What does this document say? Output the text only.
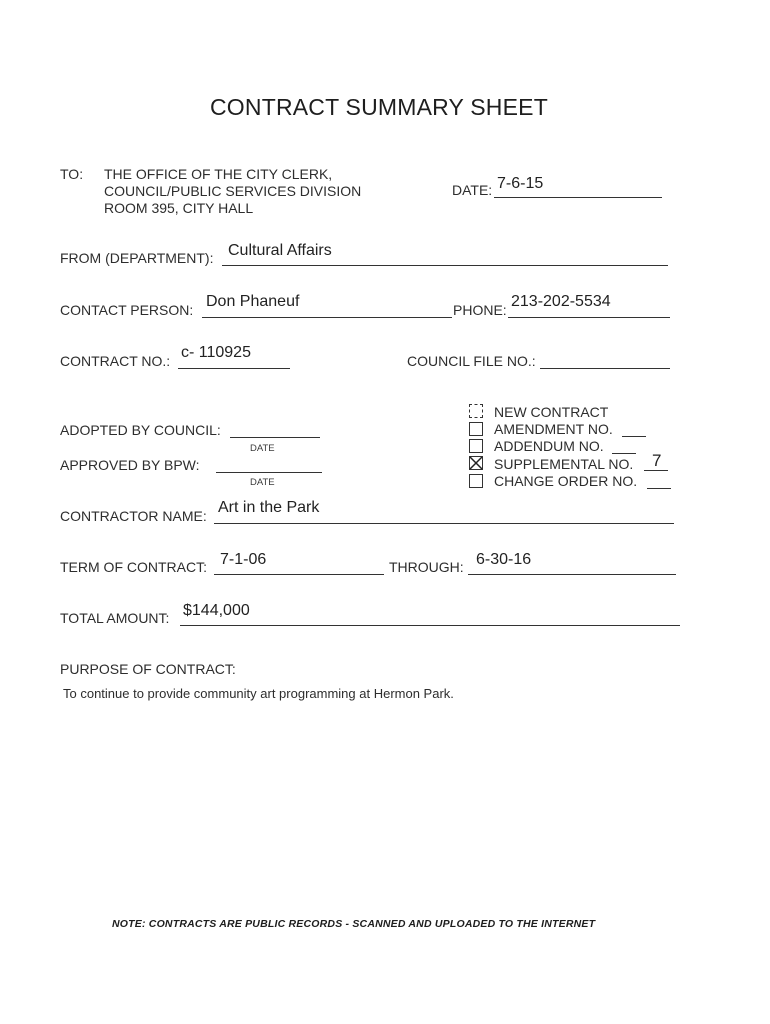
CONTRACT SUMMARY SHEET
TO: THE OFFICE OF THE CITY CLERK,
COUNCIL/PUBLIC SERVICES DIVISION
ROOM 395, CITY HALL
DATE: 7-6-15
FROM (DEPARTMENT): Cultural Affairs
CONTACT PERSON: Don Phaneuf	PHONE: 213-202-5534
CONTRACT NO.: c- 110925	COUNCIL FILE NO.:
ADOPTED BY COUNCIL:
DATE
APPROVED BY BPW:
DATE
NEW CONTRACT
AMENDMENT NO.
ADDENDUM NO.
SUPPLEMENTAL NO. 7
CHANGE ORDER NO.
CONTRACTOR NAME: Art in the Park
TERM OF CONTRACT: 7-1-06	THROUGH: 6-30-16
TOTAL AMOUNT: $144,000
PURPOSE OF CONTRACT:
To continue to provide community art programming at Hermon Park.
NOTE: CONTRACTS ARE PUBLIC RECORDS - SCANNED AND UPLOADED TO THE INTERNET
